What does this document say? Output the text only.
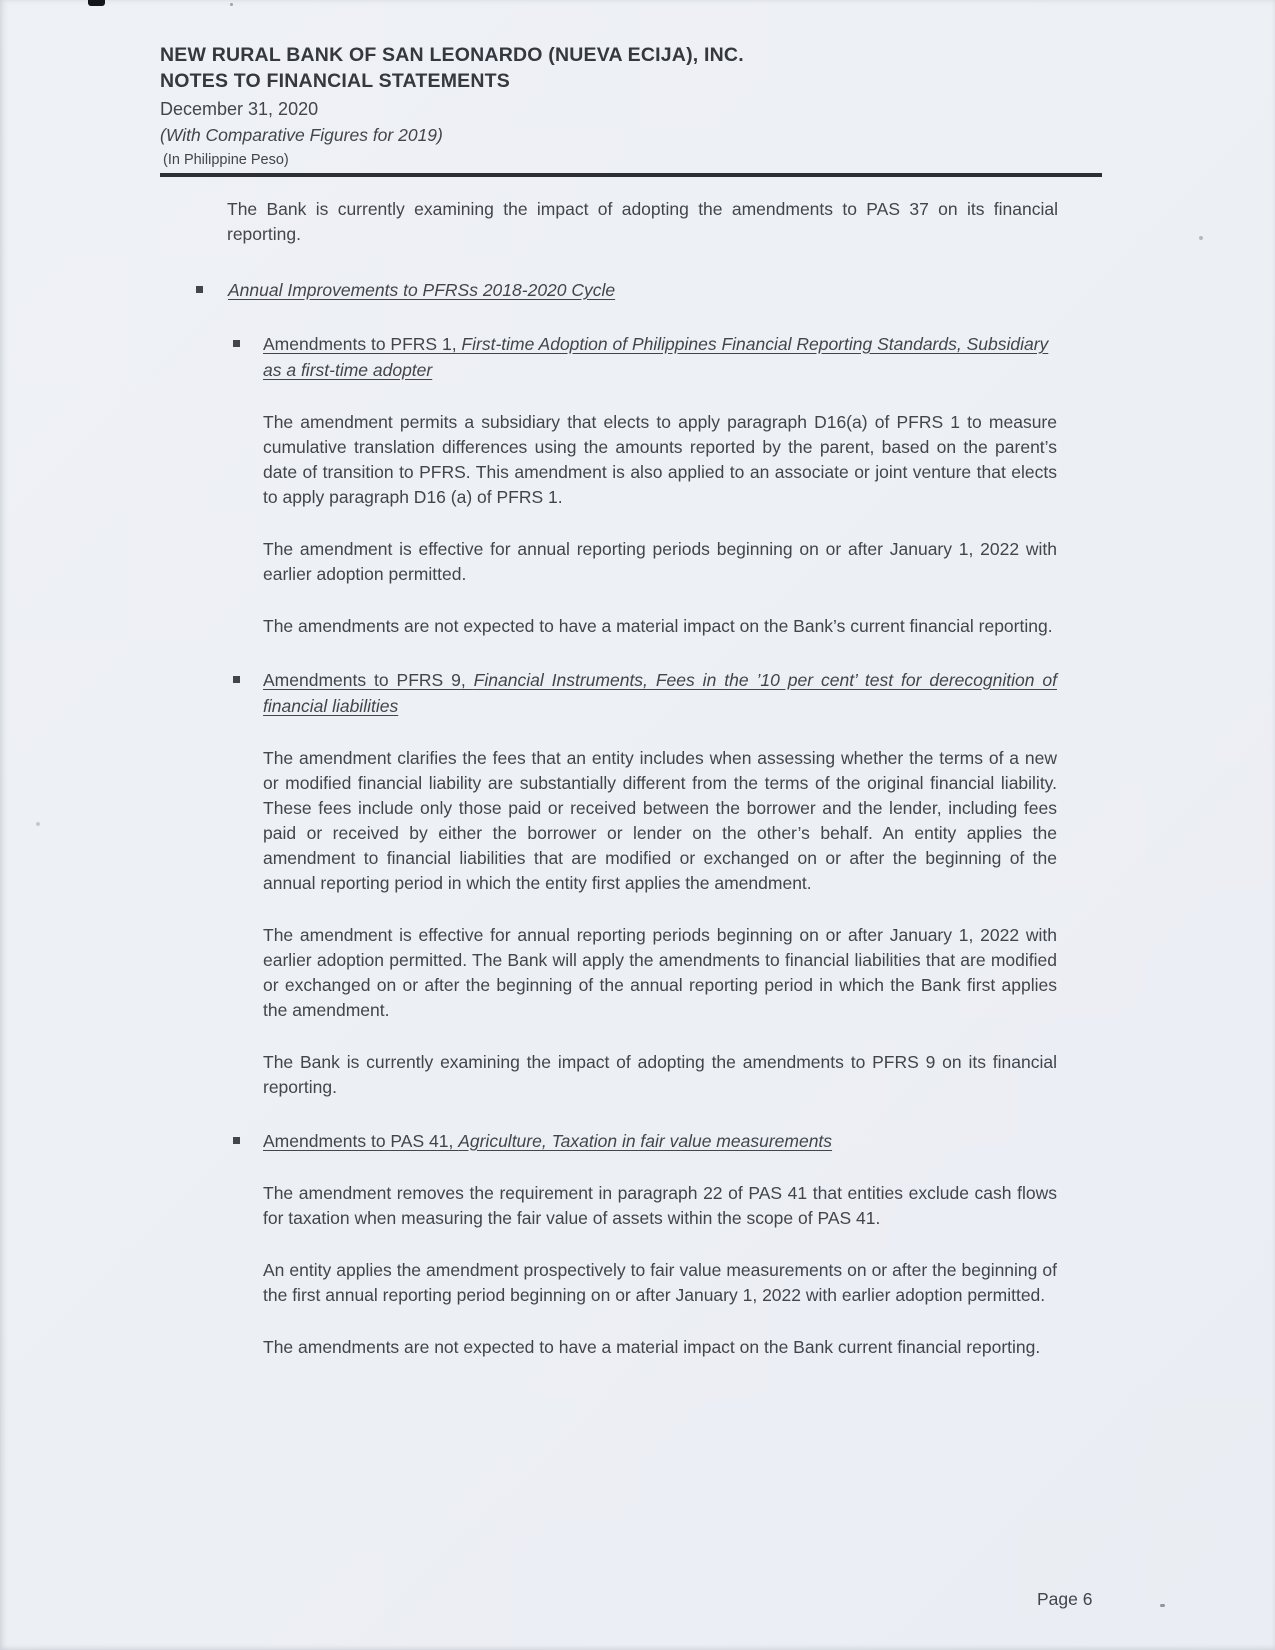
NEW RURAL BANK OF SAN LEONARDO (NUEVA ECIJA), INC.
NOTES TO FINANCIAL STATEMENTS
December 31, 2020
(With Comparative Figures for 2019)
(In Philippine Peso)

The Bank is currently examining the impact of adopting the amendments to PAS 37 on its financial reporting.

Annual Improvements to PFRSs 2018-2020 Cycle
Amendments to PFRS 1, First-time Adoption of Philippines Financial Reporting Standards, Subsidiary as a first-time adopter

The amendment permits a subsidiary that elects to apply paragraph D16(a) of PFRS 1 to measure cumulative translation differences using the amounts reported by the parent, based on the parent’s date of transition to PFRS. This amendment is also applied to an associate or joint venture that elects to apply paragraph D16 (a) of PFRS 1.

The amendment is effective for annual reporting periods beginning on or after January 1, 2022 with earlier adoption permitted.

The amendments are not expected to have a material impact on the Bank’s current financial reporting.

Amendments to PFRS 9, Financial Instruments, Fees in the ’10 per cent’ test for derecognition of financial liabilities

The amendment clarifies the fees that an entity includes when assessing whether the terms of a new or modified financial liability are substantially different from the terms of the original financial liability. These fees include only those paid or received between the borrower and the lender, including fees paid or received by either the borrower or lender on the other’s behalf. An entity applies the amendment to financial liabilities that are modified or exchanged on or after the beginning of the annual reporting period in which the entity first applies the amendment.

The amendment is effective for annual reporting periods beginning on or after January 1, 2022 with earlier adoption permitted. The Bank will apply the amendments to financial liabilities that are modified or exchanged on or after the beginning of the annual reporting period in which the Bank first applies the amendment.

The Bank is currently examining the impact of adopting the amendments to PFRS 9 on its financial reporting.

Amendments to PAS 41, Agriculture, Taxation in fair value measurements

The amendment removes the requirement in paragraph 22 of PAS 41 that entities exclude cash flows for taxation when measuring the fair value of assets within the scope of PAS 41.

An entity applies the amendment prospectively to fair value measurements on or after the beginning of the first annual reporting period beginning on or after January 1, 2022 with earlier adoption permitted.

The amendments are not expected to have a material impact on the Bank current financial reporting.

Page 6
